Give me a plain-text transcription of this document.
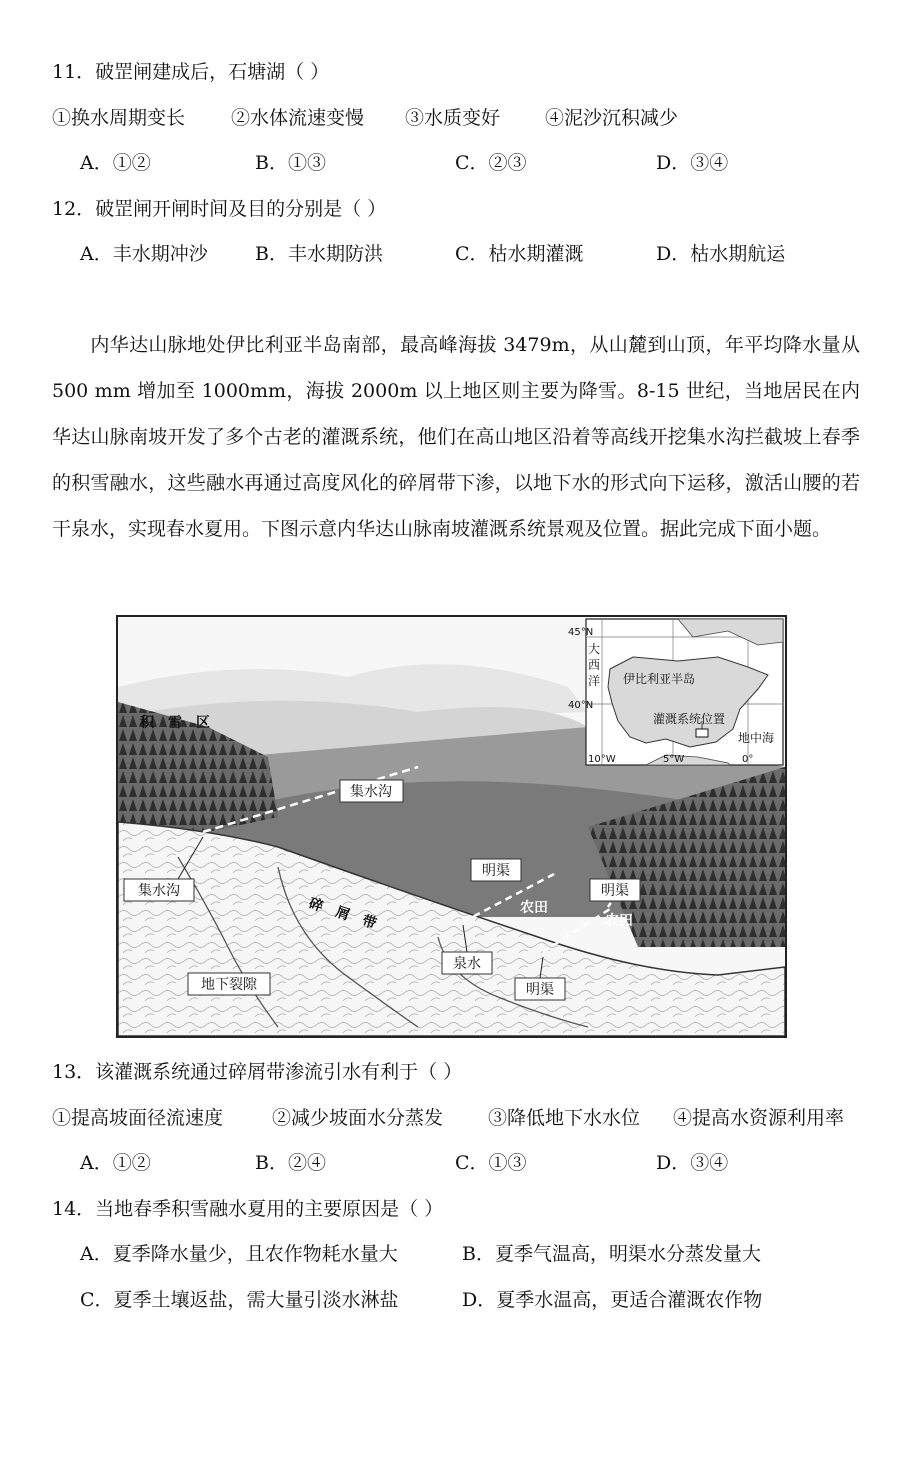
11．破罡闸建成后，石塘湖（ ）
①换水周期变长 ②水体流速变慢 ③水质变好 ④泥沙沉积减少
A．①②	B．①③	C．②③	D．③④
12．破罡闸开闸时间及目的分别是（ ）
A．丰水期冲沙 B．丰水期防洪	C．枯水期灌溉	D．枯水期航运
内华达山脉地处伊比利亚半岛南部，最高峰海拔 3479m，从山麓到山顶，年平均降水量从 500 mm 增加至 1000mm，海拔 2000m 以上地区则主要为降雪。8-15 世纪，当地居民在内华达山脉南坡开发了多个古老的灌溉系统，他们在高山地区沿着等高线开挖集水沟拦截坡上春季的积雪融水，这些融水再通过高度风化的碎屑带下渗，以地下水的形式向下运移，激活山腰的若干泉水，实现春水夏用。下图示意内华达山脉南坡灌溉系统景观及位置。据此完成下面小题。
积　雪　区
集水沟
集水沟
碎　屑　带
地下裂隙
泉水
明渠
明渠
明渠
农田
农田
45°N
40°N
大
西
洋 伊比利亚半岛
灌溉系统位置
地中海
10°W	5°W	0°
13．该灌溉系统通过碎屑带渗流引水有利于（ ）
①提高坡面径流速度	②减少坡面水分蒸发 ③降低地下水水位 ④提高水资源利用率
A．①②	B．②④	C．①③	D．③④
14．当地春季积雪融水夏用的主要原因是（ ）
A．夏季降水量少，且农作物耗水量大	B．夏季气温高，明渠水分蒸发量大
C．夏季土壤返盐，需大量引淡水淋盐	D．夏季水温高，更适合灌溉农作物
